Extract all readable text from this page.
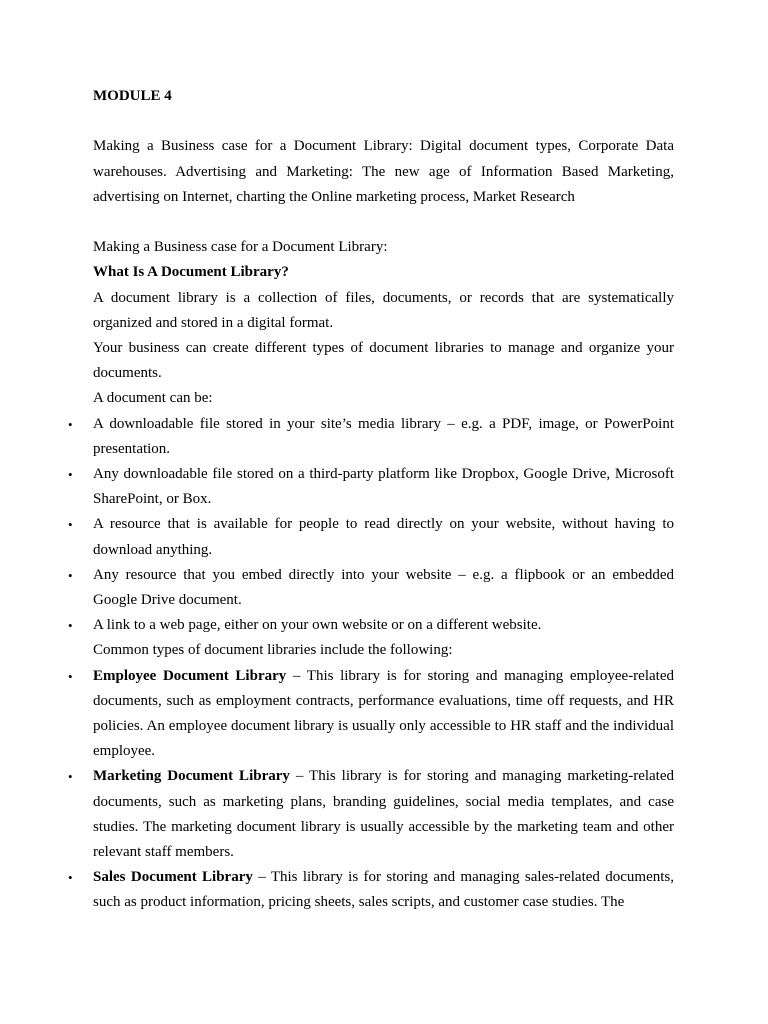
MODULE 4

Making a Business case for a Document Library: Digital document types, Corporate Data warehouses. Advertising and Marketing: The new age of Information Based Marketing, advertising on Internet, charting the Online marketing process, Market Research

Making a Business case for a Document Library:

What Is A Document Library?

A document library is a collection of files, documents, or records that are systematically organized and stored in a digital format.

Your business can create different types of document libraries to manage and organize your documents.

A document can be:

• A downloadable file stored in your site’s media library – e.g. a PDF, image, or PowerPoint presentation.
• Any downloadable file stored on a third-party platform like Dropbox, Google Drive, Microsoft SharePoint, or Box.
• A resource that is available for people to read directly on your website, without having to download anything.
• Any resource that you embed directly into your website – e.g. a flipbook or an embedded Google Drive document.
• A link to a web page, either on your own website or on a different website.

Common types of document libraries include the following:

• Employee Document Library – This library is for storing and managing employee-related documents, such as employment contracts, performance evaluations, time off requests, and HR policies. An employee document library is usually only accessible to HR staff and the individual employee.
• Marketing Document Library – This library is for storing and managing marketing-related documents, such as marketing plans, branding guidelines, social media templates, and case studies. The marketing document library is usually accessible by the marketing team and other relevant staff members.
• Sales Document Library – This library is for storing and managing sales-related documents, such as product information, pricing sheets, sales scripts, and customer case studies. The
